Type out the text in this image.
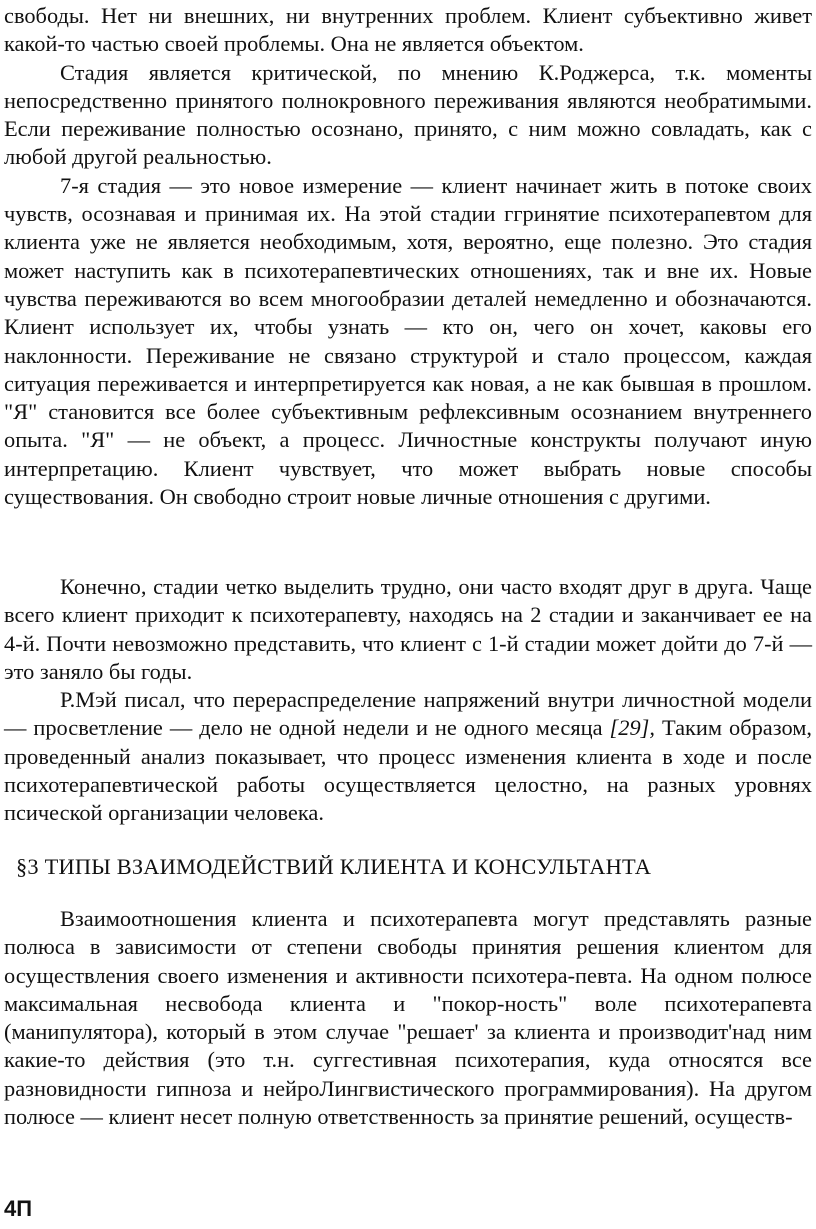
свободы. Нет ни внешних, ни внутренних проблем. Клиент субъективно живет какой-то частью своей проблемы. Она не является объектом.

Стадия является критической, по мнению К.Роджерса, т.к. моменты непосредственно принятого полнокровного переживания являются необратимыми. Если переживание полностью осознано, принято, с ним можно совладать, как с любой другой реальностью.

7-я стадия — это новое измерение — клиент начинает жить в потоке своих чувств, осознавая и принимая их. На этой стадии ггринятие психотерапевтом для клиента уже не является необходимым, хотя, вероятно, еще полезно. Это стадия может наступить как в психотерапевтических отношениях, так и вне их. Новые чувства переживаются во всем многообразии деталей немедленно и обозначаются. Клиент использует их, чтобы узнать — кто он, чего он хочет, каковы его наклонности. Переживание не связано структурой и стало процессом, каждая ситуация переживается и интерпретируется как новая, а не как бывшая в прошлом. "Я" становится все более субъективным рефлексивным осознанием внутреннего опыта. "Я" — не объект, а процесс. Личностные конструкты получают иную интерпретацию. Клиент чувствует, что может выбрать новые способы существования. Он свободно строит новые личные отношения с другими.

Конечно, стадии четко выделить трудно, они часто входят друг в друга. Чаще всего клиент приходит к психотерапевту, находясь на 2 стадии и заканчивает ее на 4-й. Почти невозможно представить, что клиент с 1-й стадии может дойти до 7-й — это заняло бы годы.

Р.Мэй писал, что перераспределение напряжений внутри личностной модели — просветление — дело не одной недели и не одного месяца [29], Таким образом, проведенный анализ показывает, что процесс изменения клиента в ходе и после психотерапевтической работы осуществляется целостно, на разных уровнях псической организации человека.

§3 ТИПЫ ВЗАИМОДЕЙСТВИЙ КЛИЕНТА И КОНСУЛЬТАНТА

Взаимоотношения клиента и психотерапевта могут представлять разные полюса в зависимости от степени свободы принятия решения клиентом для осуществления своего изменения и активности психотера-певта. На одном полюсе максимальная несвобода клиента и "покор-ность" воле психотерапевта (манипулятора), который в этом случае "решает' за клиента и производит'над ним какие-то действия (это т.н. суггестивная психотерапия, куда относятся все разновидности гипноза и нейроЛингвистического программирования). На другом полюсе — клиент несет полную ответственность за принятие решений, осуществ-

4П
